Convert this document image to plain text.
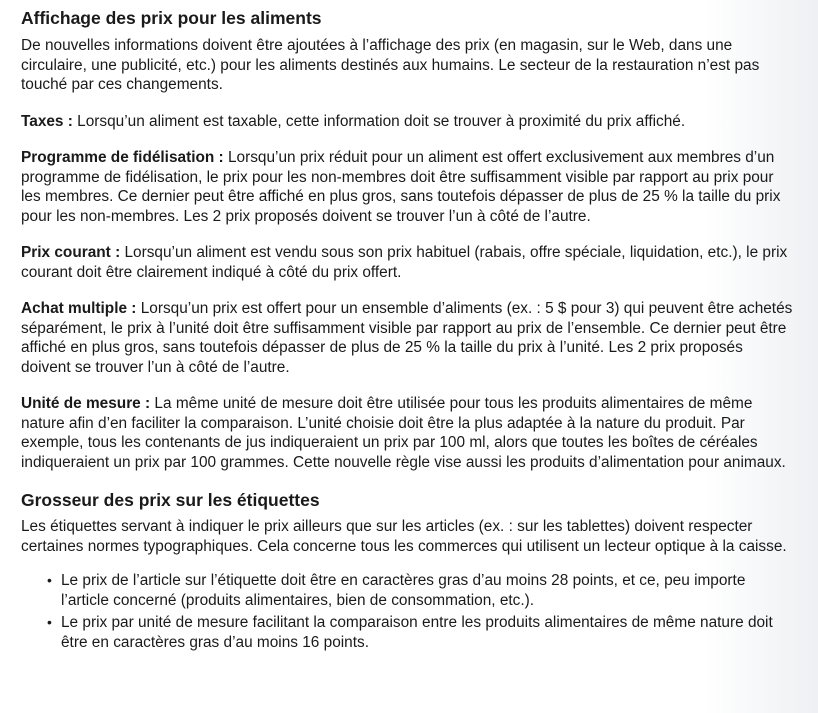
Affichage des prix pour les aliments

De nouvelles informations doivent être ajoutées à l’affichage des prix (en magasin, sur le Web, dans une circulaire, une publicité, etc.) pour les aliments destinés aux humains. Le secteur de la restauration n’est pas touché par ces changements.

Taxes : Lorsqu’un aliment est taxable, cette information doit se trouver à proximité du prix affiché.

Programme de fidélisation : Lorsqu’un prix réduit pour un aliment est offert exclusivement aux membres d’un programme de fidélisation, le prix pour les non-membres doit être suffisamment visible par rapport au prix pour les membres. Ce dernier peut être affiché en plus gros, sans toutefois dépasser de plus de 25 % la taille du prix pour les non-membres. Les 2 prix proposés doivent se trouver l’un à côté de l’autre.

Prix courant : Lorsqu’un aliment est vendu sous son prix habituel (rabais, offre spéciale, liquidation, etc.), le prix courant doit être clairement indiqué à côté du prix offert.

Achat multiple : Lorsqu’un prix est offert pour un ensemble d’aliments (ex. : 5 $ pour 3) qui peuvent être achetés séparément, le prix à l’unité doit être suffisamment visible par rapport au prix de l’ensemble. Ce dernier peut être affiché en plus gros, sans toutefois dépasser de plus de 25 % la taille du prix à l’unité. Les 2 prix proposés doivent se trouver l’un à côté de l’autre.

Unité de mesure : La même unité de mesure doit être utilisée pour tous les produits alimentaires de même nature afin d’en faciliter la comparaison. L’unité choisie doit être la plus adaptée à la nature du produit. Par exemple, tous les contenants de jus indiqueraient un prix par 100 ml, alors que toutes les boîtes de céréales indiqueraient un prix par 100 grammes. Cette nouvelle règle vise aussi les produits d’alimentation pour animaux.

Grosseur des prix sur les étiquettes

Les étiquettes servant à indiquer le prix ailleurs que sur les articles (ex. : sur les tablettes) doivent respecter certaines normes typographiques. Cela concerne tous les commerces qui utilisent un lecteur optique à la caisse.

• Le prix de l’article sur l’étiquette doit être en caractères gras d’au moins 28 points, et ce, peu importe l’article concerné (produits alimentaires, bien de consommation, etc.).
• Le prix par unité de mesure facilitant la comparaison entre les produits alimentaires de même nature doit être en caractères gras d’au moins 16 points.
